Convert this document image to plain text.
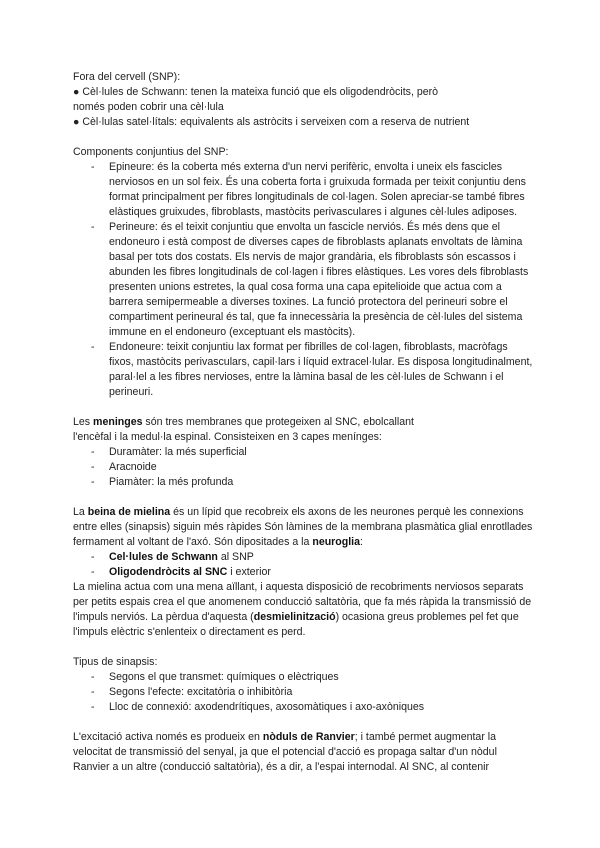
Fora del cervell (SNP):

● Cèl·lules de Schwann: tenen la mateixa funció que els oligodendròcits, però

només poden cobrir una cèl·lula

● Cèl·lulas satel·lítals: equivalents als astròcits i serveixen com a reserva de nutrient

Components conjuntius del SNP:

- Epineure: és la coberta més externa d'un nervi perifèric, envolta i uneix els fascicles nerviosos en un sol feix. És una coberta forta i gruixuda formada per teixit conjuntiu dens format principalment per fibres longitudinals de col·lagen. Solen apreciar-se també fibres elàstiques gruixudes, fibroblasts, mastòcits perivasculares i algunes cèl·lules adiposes.
- Perineure: és el teixit conjuntiu que envolta un fascicle nerviós. És més dens que el endoneuro i està compost de diverses capes de fibroblasts aplanats envoltats de làmina basal per tots dos costats. Els nervis de major grandària, els fibroblasts són escassos i abunden les fibres longitudinals de col·lagen i fibres elàstiques. Les vores dels fibroblasts presenten unions estretes, la qual cosa forma una capa epitelioide que actua com a barrera semipermeable a diverses toxines. La funció protectora del perineuri sobre el compartiment perineural és tal, que fa innecessària la presència de cèl·lules del sistema immune en el endoneuro (exceptuant els mastòcits).
- Endoneure: teixit conjuntiu lax format per fibrilles de col·lagen, fibroblasts, macròfags fixos, mastòcits perivasculars, capil·lars i líquid extracel·lular. Es disposa longitudinalment, paral·lel a les fibres nervioses, entre la làmina basal de les cèl·lules de Schwann i el perineuri.

Les meninges són tres membranes que protegeixen al SNC, ebolcallant

l'encèfal i la medul·la espinal. Consisteixen en 3 capes menínges:

- Duramàter: la més superficial
- Aracnoide
- Piamàter: la més profunda

La beina de mielina és un lípid que recobreix els axons de les neurones perquè les connexions entre elles (sinapsis) siguin més ràpides Són làmines de la membrana plasmàtica glial enrotllades fermament al voltant de l'axó. Són dipositades a la neuroglia:

- Cel·lules de Schwann al SNP
- Oligodendròcits al SNC i exterior

La mielina actua com una mena aïllant, i aquesta disposició de recobriments nerviosos separats per petits espais crea el que anomenem conducció saltatòria, que fa més ràpida la transmissió de l'impuls nerviós. La pèrdua d'aquesta (desmielinització) ocasiona greus problemes pel fet que l'impuls elèctric s'enlenteix o directament es perd.

Tipus de sinapsis:

- Segons el que transmet: químiques o elèctriques
- Segons l'efecte: excitatòria o inhibitòria
- Lloc de connexió: axodendrítiques, axosomàtiques i axo-axòniques

L'excitació activa només es produeix en nòduls de Ranvier; i també permet augmentar la velocitat de transmissió del senyal, ja que el potencial d'acció es propaga saltar d'un nòdul Ranvier a un altre (conducció saltatòria), és a dir, a l'espai internodal. Al SNC, al contenir
